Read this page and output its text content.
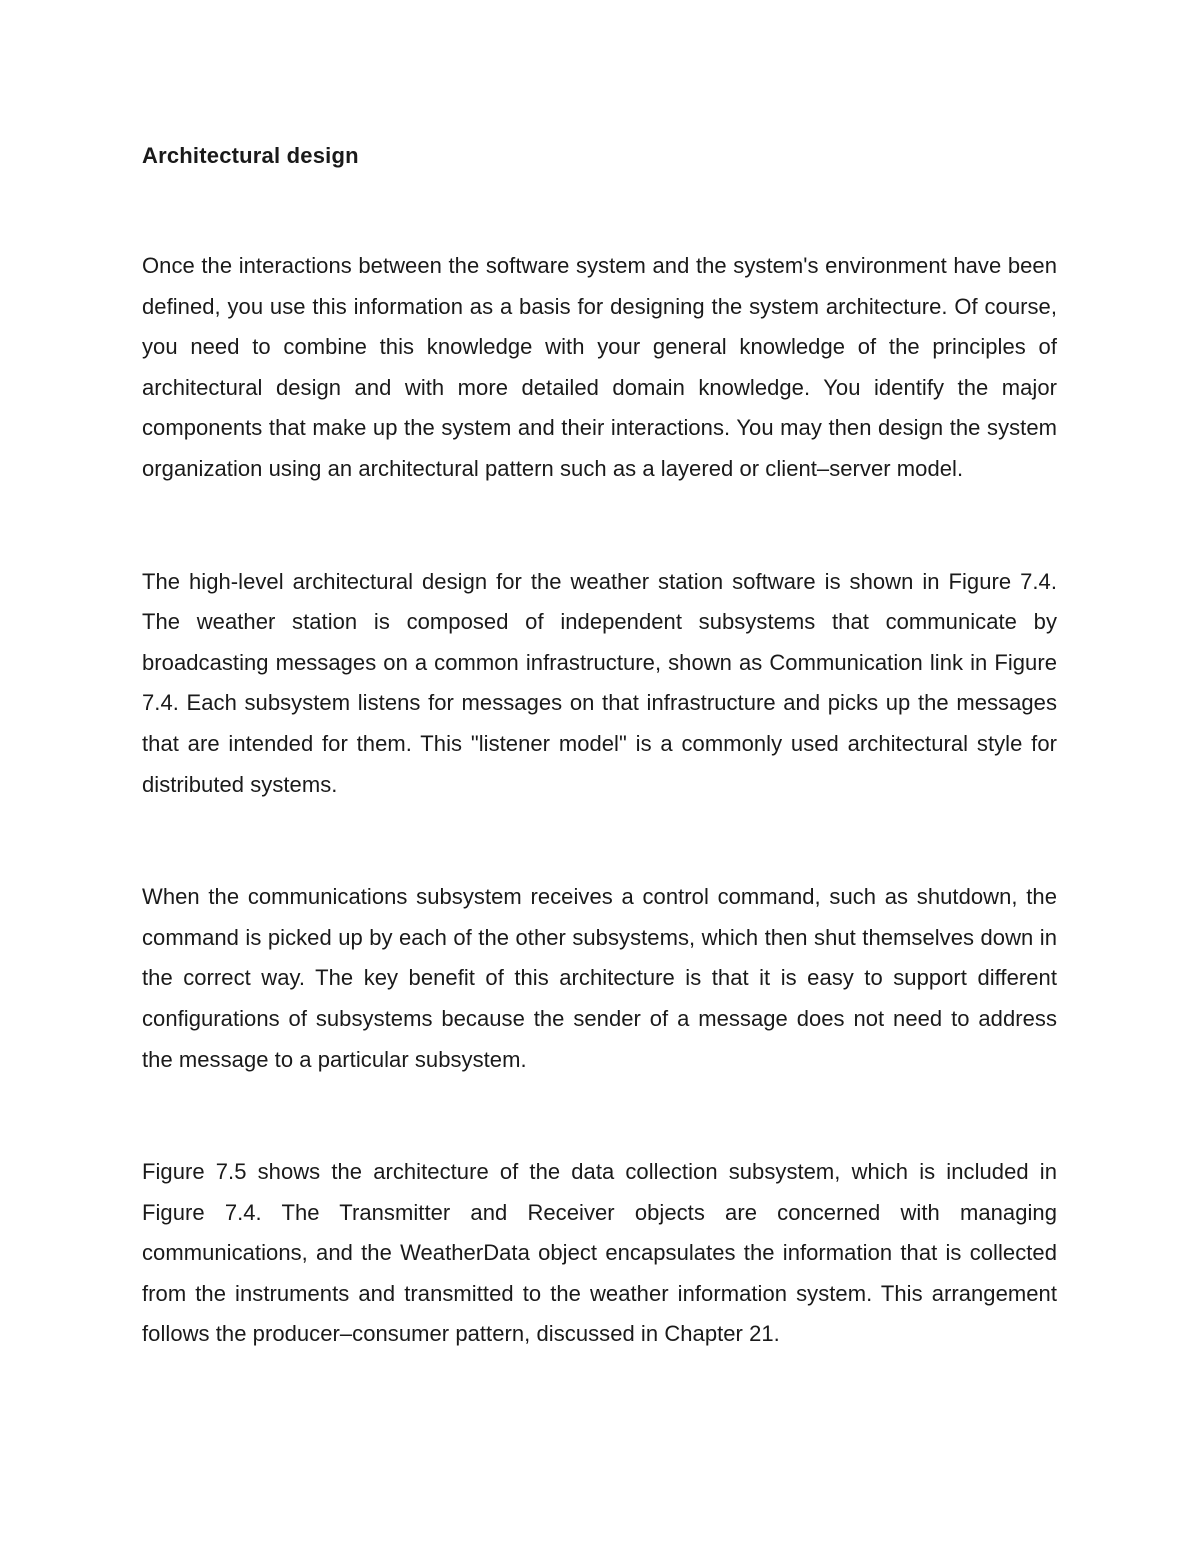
Architectural design

Once the interactions between the software system and the system's environment have been defined, you use this information as a basis for designing the system architecture. Of course, you need to combine this knowledge with your general knowledge of the principles of architectural design and with more detailed domain knowledge. You identify the major components that make up the system and their interactions. You may then design the system organization using an architectural pattern such as a layered or client–server model.

The high-level architectural design for the weather station software is shown in Figure 7.4. The weather station is composed of independent subsystems that communicate by broadcasting messages on a common infrastructure, shown as Communication link in Figure 7.4. Each subsystem listens for messages on that infrastructure and picks up the messages that are intended for them. This "listener model" is a commonly used architectural style for distributed systems.

When the communications subsystem receives a control command, such as shutdown, the command is picked up by each of the other subsystems, which then shut themselves down in the correct way. The key benefit of this architecture is that it is easy to support different configurations of subsystems because the sender of a message does not need to address the message to a particular subsystem.

Figure 7.5 shows the architecture of the data collection subsystem, which is included in Figure 7.4. The Transmitter and Receiver objects are concerned with managing communications, and the WeatherData object encapsulates the information that is collected from the instruments and transmitted to the weather information system. This arrangement follows the producer–consumer pattern, discussed in Chapter 21.
